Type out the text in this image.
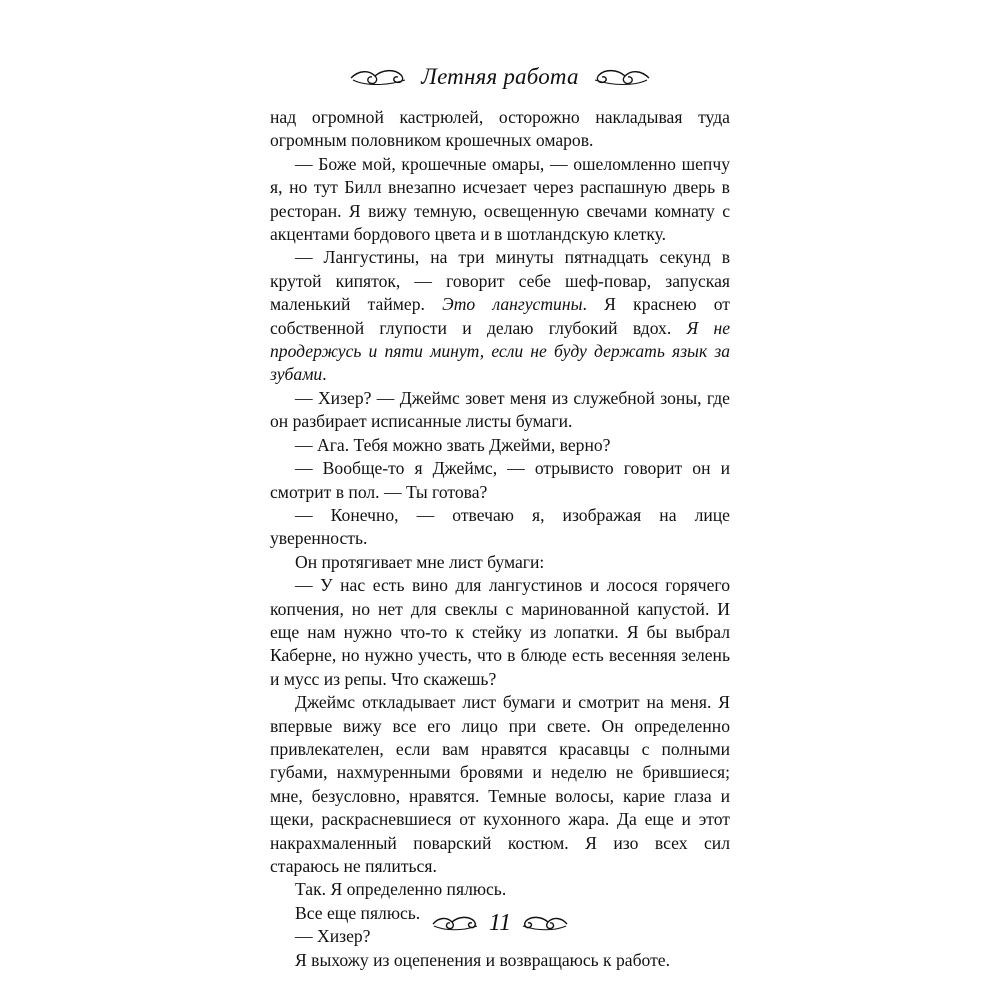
Летняя работа

над огромной кастрюлей, осторожно накладывая туда огромным половником крошечных омаров.

— Боже мой, крошечные омары, — ошеломленно шепчу я, но тут Билл внезапно исчезает через распашную дверь в ресторан. Я вижу темную, освещенную свечами комнату с акцентами бордового цвета и в шотландскую клетку.

— Лангустины, на три минуты пятнадцать секунд в крутой кипяток, — говорит себе шеф-повар, запуская маленький таймер. Это лангустины. Я краснею от собственной глупости и делаю глубокий вдох. Я не продержусь и пяти минут, если не буду держать язык за зубами.

— Хизер? — Джеймс зовет меня из служебной зоны, где он разбирает исписанные листы бумаги.

— Ага. Тебя можно звать Джейми, верно?

— Вообще-то я Джеймс, — отрывисто говорит он и смотрит в пол. — Ты готова?

— Конечно, — отвечаю я, изображая на лице уверенность.

Он протягивает мне лист бумаги:

— У нас есть вино для лангустинов и лосося горячего копчения, но нет для свеклы с маринованной капустой. И еще нам нужно что-то к стейку из лопатки. Я бы выбрал Каберне, но нужно учесть, что в блюде есть весенняя зелень и мусс из репы. Что скажешь?

Джеймс откладывает лист бумаги и смотрит на меня. Я впервые вижу все его лицо при свете. Он определенно привлекателен, если вам нравятся красавцы с полными губами, нахмуренными бровями и неделю не брившиеся; мне, безусловно, нравятся. Темные волосы, карие глаза и щеки, раскрасневшиеся от кухонного жара. Да еще и этот накрахмаленный поварский костюм. Я изо всех сил стараюсь не пялиться.

Так. Я определенно пялюсь.

Все еще пялюсь.

— Хизер?

Я выхожу из оцепенения и возвращаюсь к работе.

11
